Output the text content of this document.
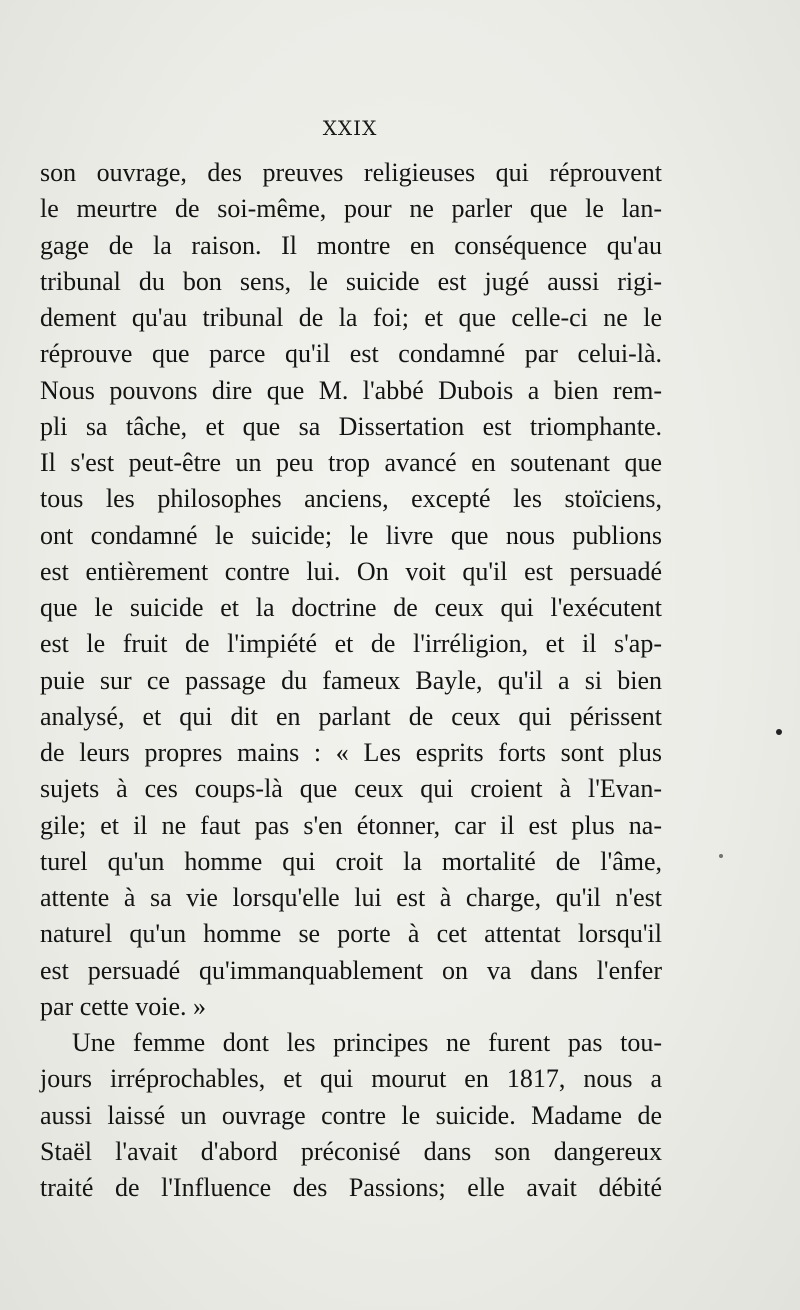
XXIX
son ouvrage, des preuves religieuses qui réprouvent
le meurtre de soi-même, pour ne parler que le lan-
gage de la raison. Il montre en conséquence qu'au
tribunal du bon sens, le suicide est jugé aussi rigi-
dement qu'au tribunal de la foi; et que celle-ci ne le
réprouve que parce qu'il est condamné par celui-là.
Nous pouvons dire que M. l'abbé Dubois a bien rem-
pli sa tâche, et que sa Dissertation est triomphante.
Il s'est peut-être un peu trop avancé en soutenant que
tous les philosophes anciens, excepté les stoïciens,
ont condamné le suicide; le livre que nous publions
est entièrement contre lui. On voit qu'il est persuadé
que le suicide et la doctrine de ceux qui l'exécutent
est le fruit de l'impiété et de l'irréligion, et il s'ap-
puie sur ce passage du fameux Bayle, qu'il a si bien
analysé, et qui dit en parlant de ceux qui périssent
de leurs propres mains : « Les esprits forts sont plus
sujets à ces coups-là que ceux qui croient à l'Evan-
gile; et il ne faut pas s'en étonner, car il est plus na-
turel qu'un homme qui croit la mortalité de l'âme,
attente à sa vie lorsqu'elle lui est à charge, qu'il n'est
naturel qu'un homme se porte à cet attentat lorsqu'il
est persuadé qu'immanquablement on va dans l'enfer
par cette voie. »
Une femme dont les principes ne furent pas tou-
jours irréprochables, et qui mourut en 1817, nous a
aussi laissé un ouvrage contre le suicide. Madame de
Staël l'avait d'abord préconisé dans son dangereux
traité de l'Influence des Passions; elle avait débité
